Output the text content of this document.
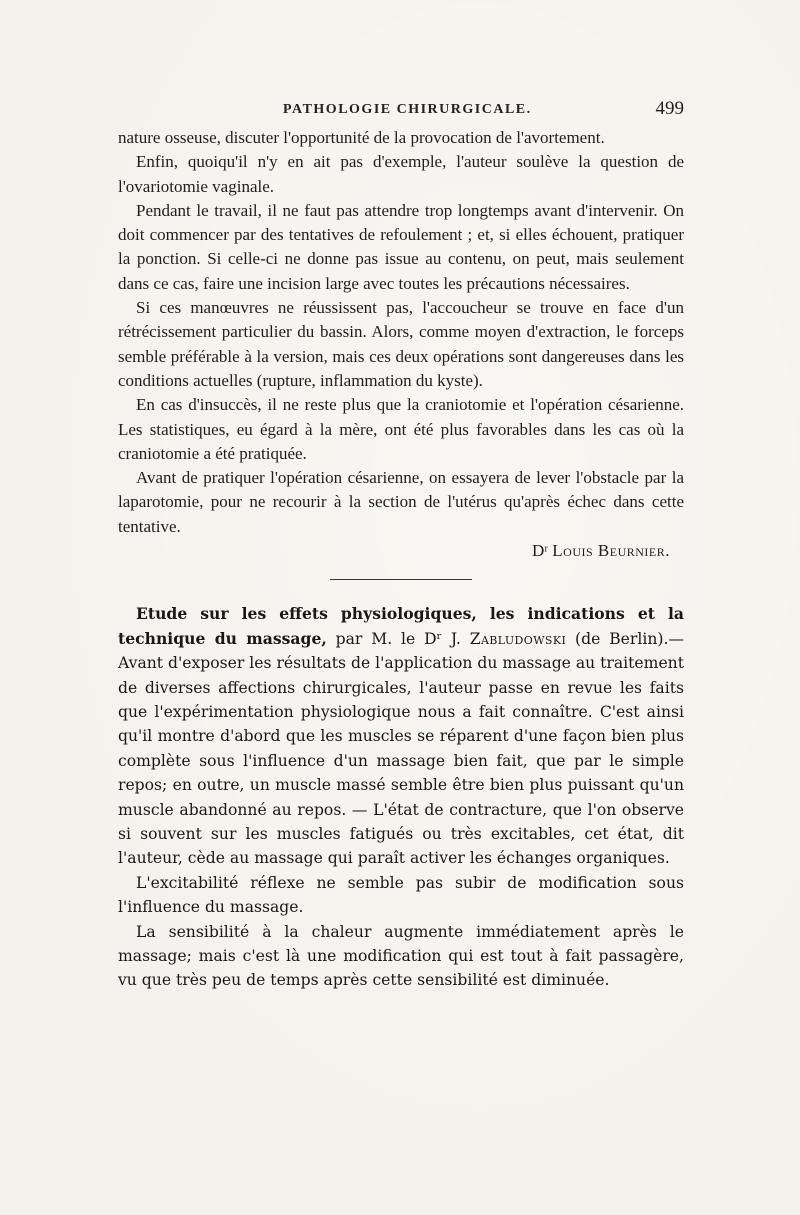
PATHOLOGIE CHIRURGICALE.	499

nature osseuse, discuter l'opportunité de la provocation de l'avortement.

Enfin, quoiqu'il n'y en ait pas d'exemple, l'auteur soulève la question de l'ovariotomie vaginale.

Pendant le travail, il ne faut pas attendre trop longtemps avant d'intervenir. On doit commencer par des tentatives de refoulement ; et, si elles échouent, pratiquer la ponction. Si celle-ci ne donne pas issue au contenu, on peut, mais seulement dans ce cas, faire une incision large avec toutes les précautions nécessaires.

Si ces manœuvres ne réussissent pas, l'accoucheur se trouve en face d'un rétrécissement particulier du bassin. Alors, comme moyen d'extraction, le forceps semble préférable à la version, mais ces deux opérations sont dangereuses dans les conditions actuelles (rupture, inflammation du kyste).

En cas d'insuccès, il ne reste plus que la craniotomie et l'opération césarienne. Les statistiques, eu égard à la mère, ont été plus favorables dans les cas où la craniotomie a été pratiquée.

Avant de pratiquer l'opération césarienne, on essayera de lever l'obstacle par la laparotomie, pour ne recourir à la section de l'utérus qu'après échec dans cette tentative.

Dʳ Louis Beurnier.

Etude sur les effets physiologiques, les indications et la technique du massage, par M. le Dʳ J. Zabludowski (de Berlin).—Avant d'exposer les résultats de l'application du massage au traitement de diverses affections chirurgicales, l'auteur passe en revue les faits que l'expérimentation physiologique nous a fait connaître. C'est ainsi qu'il montre d'abord que les muscles se réparent d'une façon bien plus complète sous l'influence d'un massage bien fait, que par le simple repos; en outre, un muscle massé semble être bien plus puissant qu'un muscle abandonné au repos. — L'état de contracture, que l'on observe si souvent sur les muscles fatigués ou très excitables, cet état, dit l'auteur, cède au massage qui paraît activer les échanges organiques.

L'excitabilité réflexe ne semble pas subir de modification sous l'influence du massage.

La sensibilité à la chaleur augmente immédiatement après le massage; mais c'est là une modification qui est tout à fait passagère, vu que très peu de temps après cette sensibilité est diminuée.
